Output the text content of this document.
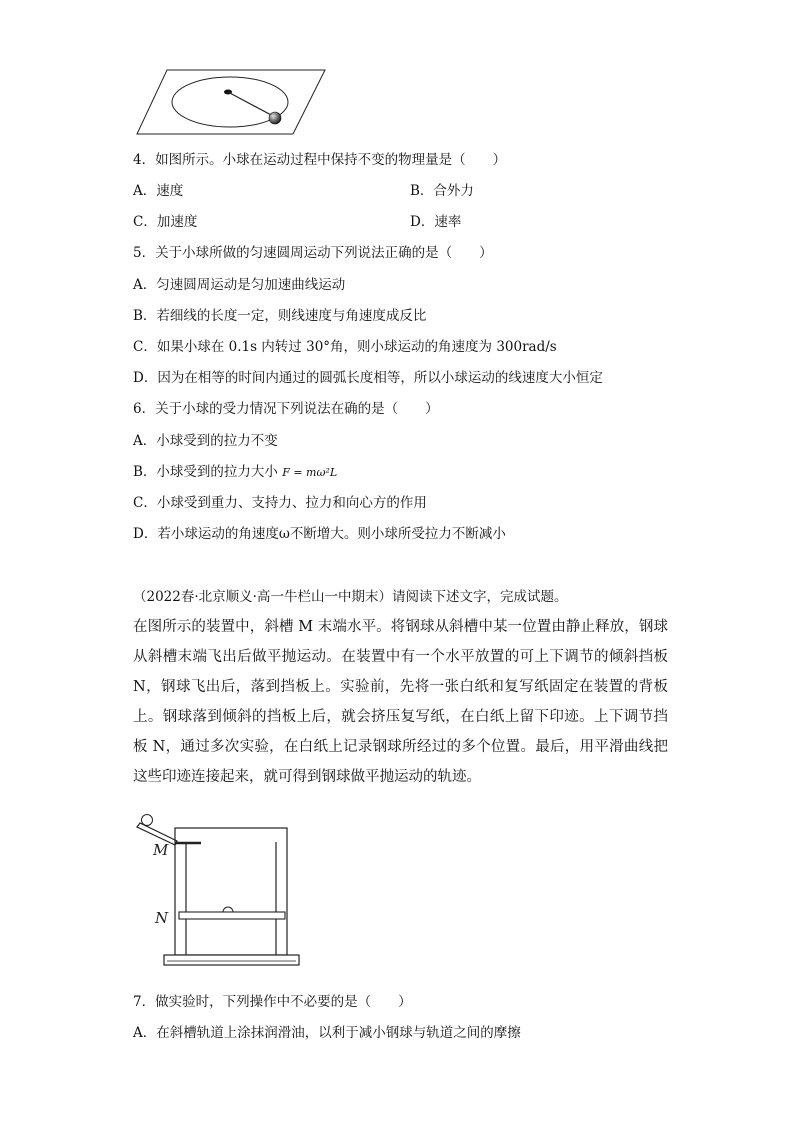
4．如图所示。小球在运动过程中保持不变的物理量是（　　）
A．速度	B．合外力
C．加速度	D．速率
5．关于小球所做的匀速圆周运动下列说法正确的是（　　）
A．匀速圆周运动是匀加速曲线运动
B．若细线的长度一定，则线速度与角速度成反比
C．如果小球在 0.1s 内转过 30°角，则小球运动的角速度为 300rad/s
D．因为在相等的时间内通过的圆弧长度相等，所以小球运动的线速度大小恒定
6．关于小球的受力情况下列说法在确的是（　　）
A．小球受到的拉力不变
B．小球受到的拉力大小 F = mω²L
C．小球受到重力、支持力、拉力和向心方的作用
D．若小球运动的角速度ω不断增大。则小球所受拉力不断减小
（2022春·北京顺义·高一牛栏山一中期末）请阅读下述文字，完成试题。

在图所示的装置中，斜槽 M 末端水平。将钢球从斜槽中某一位置由静止释放，钢球从斜槽末端飞出后做平抛运动。在装置中有一个水平放置的可上下调节的倾斜挡板 N，钢球飞出后，落到挡板上。实验前，先将一张白纸和复写纸固定在装置的背板上。钢球落到倾斜的挡板上后，就会挤压复写纸，在白纸上留下印迹。上下调节挡板 N，通过多次实验，在白纸上记录钢球所经过的多个位置。最后，用平滑曲线把这些印迹连接起来，就可得到钢球做平抛运动的轨迹。

M
N
7．做实验时，下列操作中不必要的是（　　）
A．在斜槽轨道上涂抹润滑油，以利于减小钢球与轨道之间的摩擦
